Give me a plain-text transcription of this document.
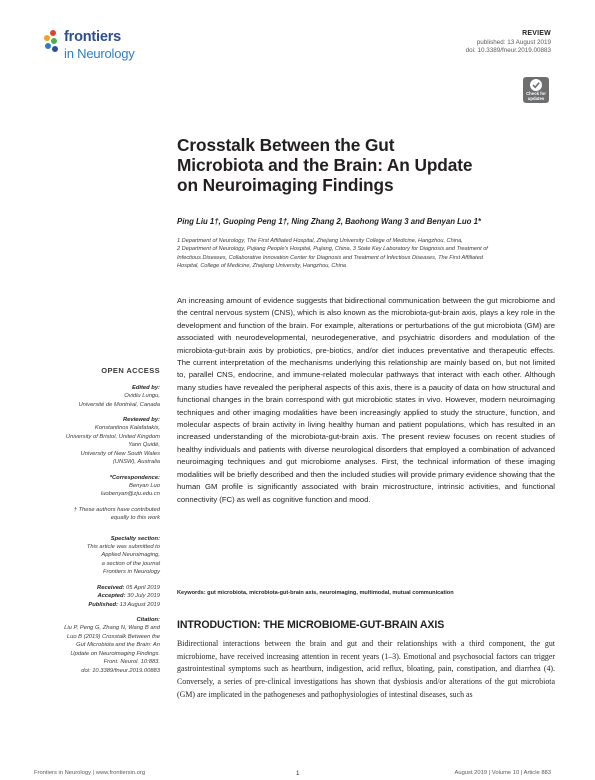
frontiers
in Neurology
REVIEW
published: 13 August 2019
doi: 10.3389/fneur.2019.00883
Check for updates
Crosstalk Between the Gut
Microbiota and the Brain: An Update
on Neuroimaging Findings
Ping Liu 1†, Guoping Peng 1†, Ning Zhang 2, Baohong Wang 3 and Benyan Luo 1*
1 Department of Neurology, The First Affiliated Hospital, Zhejiang University College of Medicine, Hangzhou, China,
2 Department of Neurology, Pujiang People's Hospital, Pujiang, China, 3 State Key Laboratory for Diagnosis and Treatment of
Infectious Diseases, Collaborative Innovation Center for Diagnosis and Treatment of Infectious Diseases, The First Affiliated
Hospital, College of Medicine, Zhejiang University, Hangzhou, China
OPEN ACCESS
Edited by:
Ovidiu Lungu,
Université de Montréal, Canada
Reviewed by:
Konstantinos Kalafatakis,
University of Bristol, United Kingdom
Yann Quidé,
University of New South Wales
(UNSW), Australia
*Correspondence:
Benyan Luo
luobenyan@zju.edu.cn
† These authors have contributed
equally to this work
Specialty section:
This article was submitted to
Applied Neuroimaging,
a section of the journal
Frontiers in Neurology
Received: 05 April 2019
Accepted: 30 July 2019
Published: 13 August 2019
Citation:
Liu P, Peng G, Zhang N, Wang B and
Luo B (2019) Crosstalk Between the
Gut Microbiota and the Brain: An
Update on Neuroimaging Findings.
Front. Neurol. 10:883.
doi: 10.3389/fneur.2019.00883
An increasing amount of evidence suggests that bidirectional communication between the gut microbiome and the central nervous system (CNS), which is also known as the microbiota-gut-brain axis, plays a key role in the development and function of the brain. For example, alterations or perturbations of the gut microbiota (GM) are associated with neurodevelopmental, neurodegenerative, and psychiatric disorders and modulation of the microbiota-gut-brain axis by probiotics, pre-biotics, and/or diet induces preventative and therapeutic effects. The current interpretation of the mechanisms underlying this relationship are mainly based on, but not limited to, parallel CNS, endocrine, and immune-related molecular pathways that interact with each other. Although many studies have revealed the peripheral aspects of this axis, there is a paucity of data on how structural and functional changes in the brain correspond with gut microbiotic states in vivo. However, modern neuroimaging techniques and other imaging modalities have been increasingly applied to study the structure, function, and molecular aspects of brain activity in living healthy human and patient populations, which has resulted in an increased understanding of the microbiota-gut-brain axis. The present review focuses on recent studies of healthy individuals and patients with diverse neurological disorders that employed a combination of advanced neuroimaging techniques and gut microbiome analyses. First, the technical information of these imaging modalities will be briefly described and then the included studies will provide primary evidence showing that the human GM profile is significantly associated with brain microstructure, intrinsic activities, and functional connectivity (FC) as well as cognitive function and mood.
Keywords: gut microbiota, microbiota-gut-brain axis, neuroimaging, multimodal, mutual communication
INTRODUCTION: THE MICROBIOME-GUT-BRAIN AXIS
Bidirectional interactions between the brain and gut and their relationships with a third component, the gut microbiome, have received increasing attention in recent years (1–3). Emotional and psychosocial factors can trigger gastrointestinal symptoms such as heartburn, indigestion, acid reflux, bloating, pain, constipation, and diarrhea (4). Conversely, a series of pre-clinical investigations has shown that dysbiosis and/or alterations of the gut microbiota (GM) are implicated in the pathogeneses and pathophysiologies of intestinal diseases, such as
Frontiers in Neurology | www.frontiersin.org	1	August 2019 | Volume 10 | Article 883
